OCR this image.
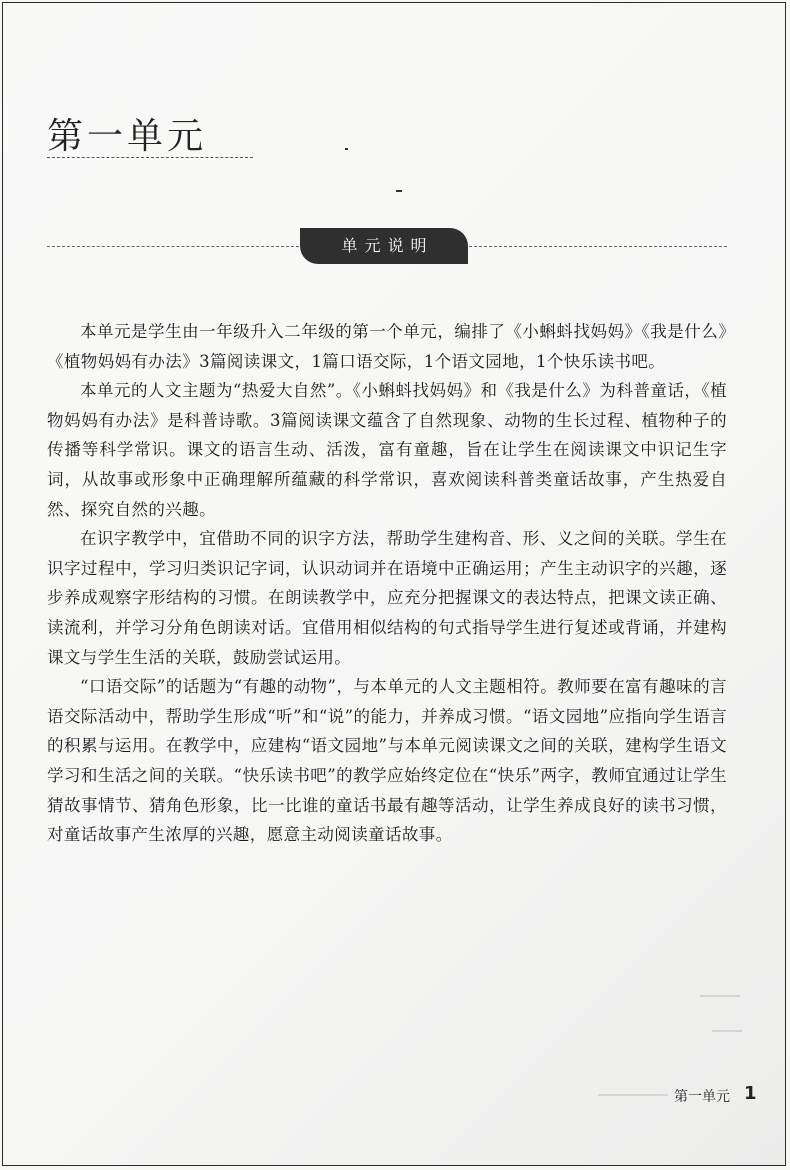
第一单元
单元说明

本单元是学生由一年级升入二年级的第一个单元，编排了《小蝌蚪找妈妈》《我是什么》《植物妈妈有办法》3篇阅读课文，1篇口语交际，1个语文园地，1个快乐读书吧。

本单元的人文主题为“热爱大自然”。《小蝌蚪找妈妈》和《我是什么》为科普童话，《植物妈妈有办法》是科普诗歌。3篇阅读课文蕴含了自然现象、动物的生长过程、植物种子的传播等科学常识。课文的语言生动、活泼，富有童趣，旨在让学生在阅读课文中识记生字词，从故事或形象中正确理解所蕴藏的科学常识，喜欢阅读科普类童话故事，产生热爱自然、探究自然的兴趣。

在识字教学中，宜借助不同的识字方法，帮助学生建构音、形、义之间的关联。学生在识字过程中，学习归类识记字词，认识动词并在语境中正确运用；产生主动识字的兴趣，逐步养成观察字形结构的习惯。在朗读教学中，应充分把握课文的表达特点，把课文读正确、读流利，并学习分角色朗读对话。宜借用相似结构的句式指导学生进行复述或背诵，并建构课文与学生生活的关联，鼓励尝试运用。

“口语交际”的话题为“有趣的动物”，与本单元的人文主题相符。教师要在富有趣味的言语交际活动中，帮助学生形成“听”和“说”的能力，并养成习惯。“语文园地”应指向学生语言的积累与运用。在教学中，应建构“语文园地”与本单元阅读课文之间的关联，建构学生语文学习和生活之间的关联。“快乐读书吧”的教学应始终定位在“快乐”两字，教师宜通过让学生猜故事情节、猜角色形象，比一比谁的童话书最有趣等活动，让学生养成良好的读书习惯，对童话故事产生浓厚的兴趣，愿意主动阅读童话故事。

第一单元 1
